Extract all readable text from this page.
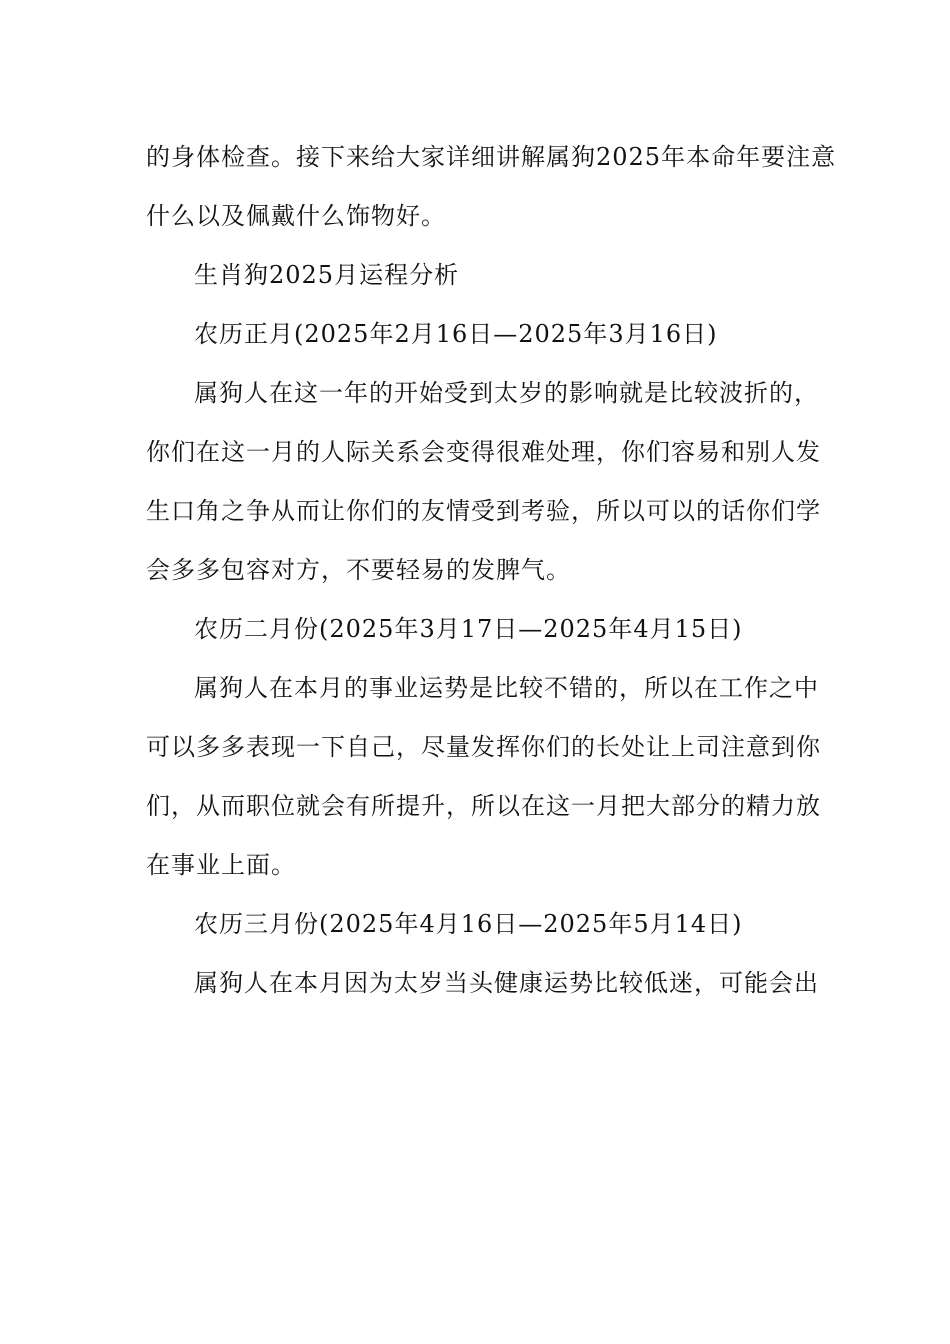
的身体检查。接下来给大家详细讲解属狗2025年本命年要注意
什么以及佩戴什么饰物好。

生肖狗2025月运程分析

农历正月(2025年2月16日—2025年3月16日)

属狗人在这一年的开始受到太岁的影响就是比较波折的，
你们在这一月的人际关系会变得很难处理，你们容易和别人发
生口角之争从而让你们的友情受到考验，所以可以的话你们学
会多多包容对方，不要轻易的发脾气。

农历二月份(2025年3月17日—2025年4月15日)

属狗人在本月的事业运势是比较不错的，所以在工作之中
可以多多表现一下自己，尽量发挥你们的长处让上司注意到你
们，从而职位就会有所提升，所以在这一月把大部分的精力放
在事业上面。

农历三月份(2025年4月16日—2025年5月14日)

属狗人在本月因为太岁当头健康运势比较低迷，可能会出
